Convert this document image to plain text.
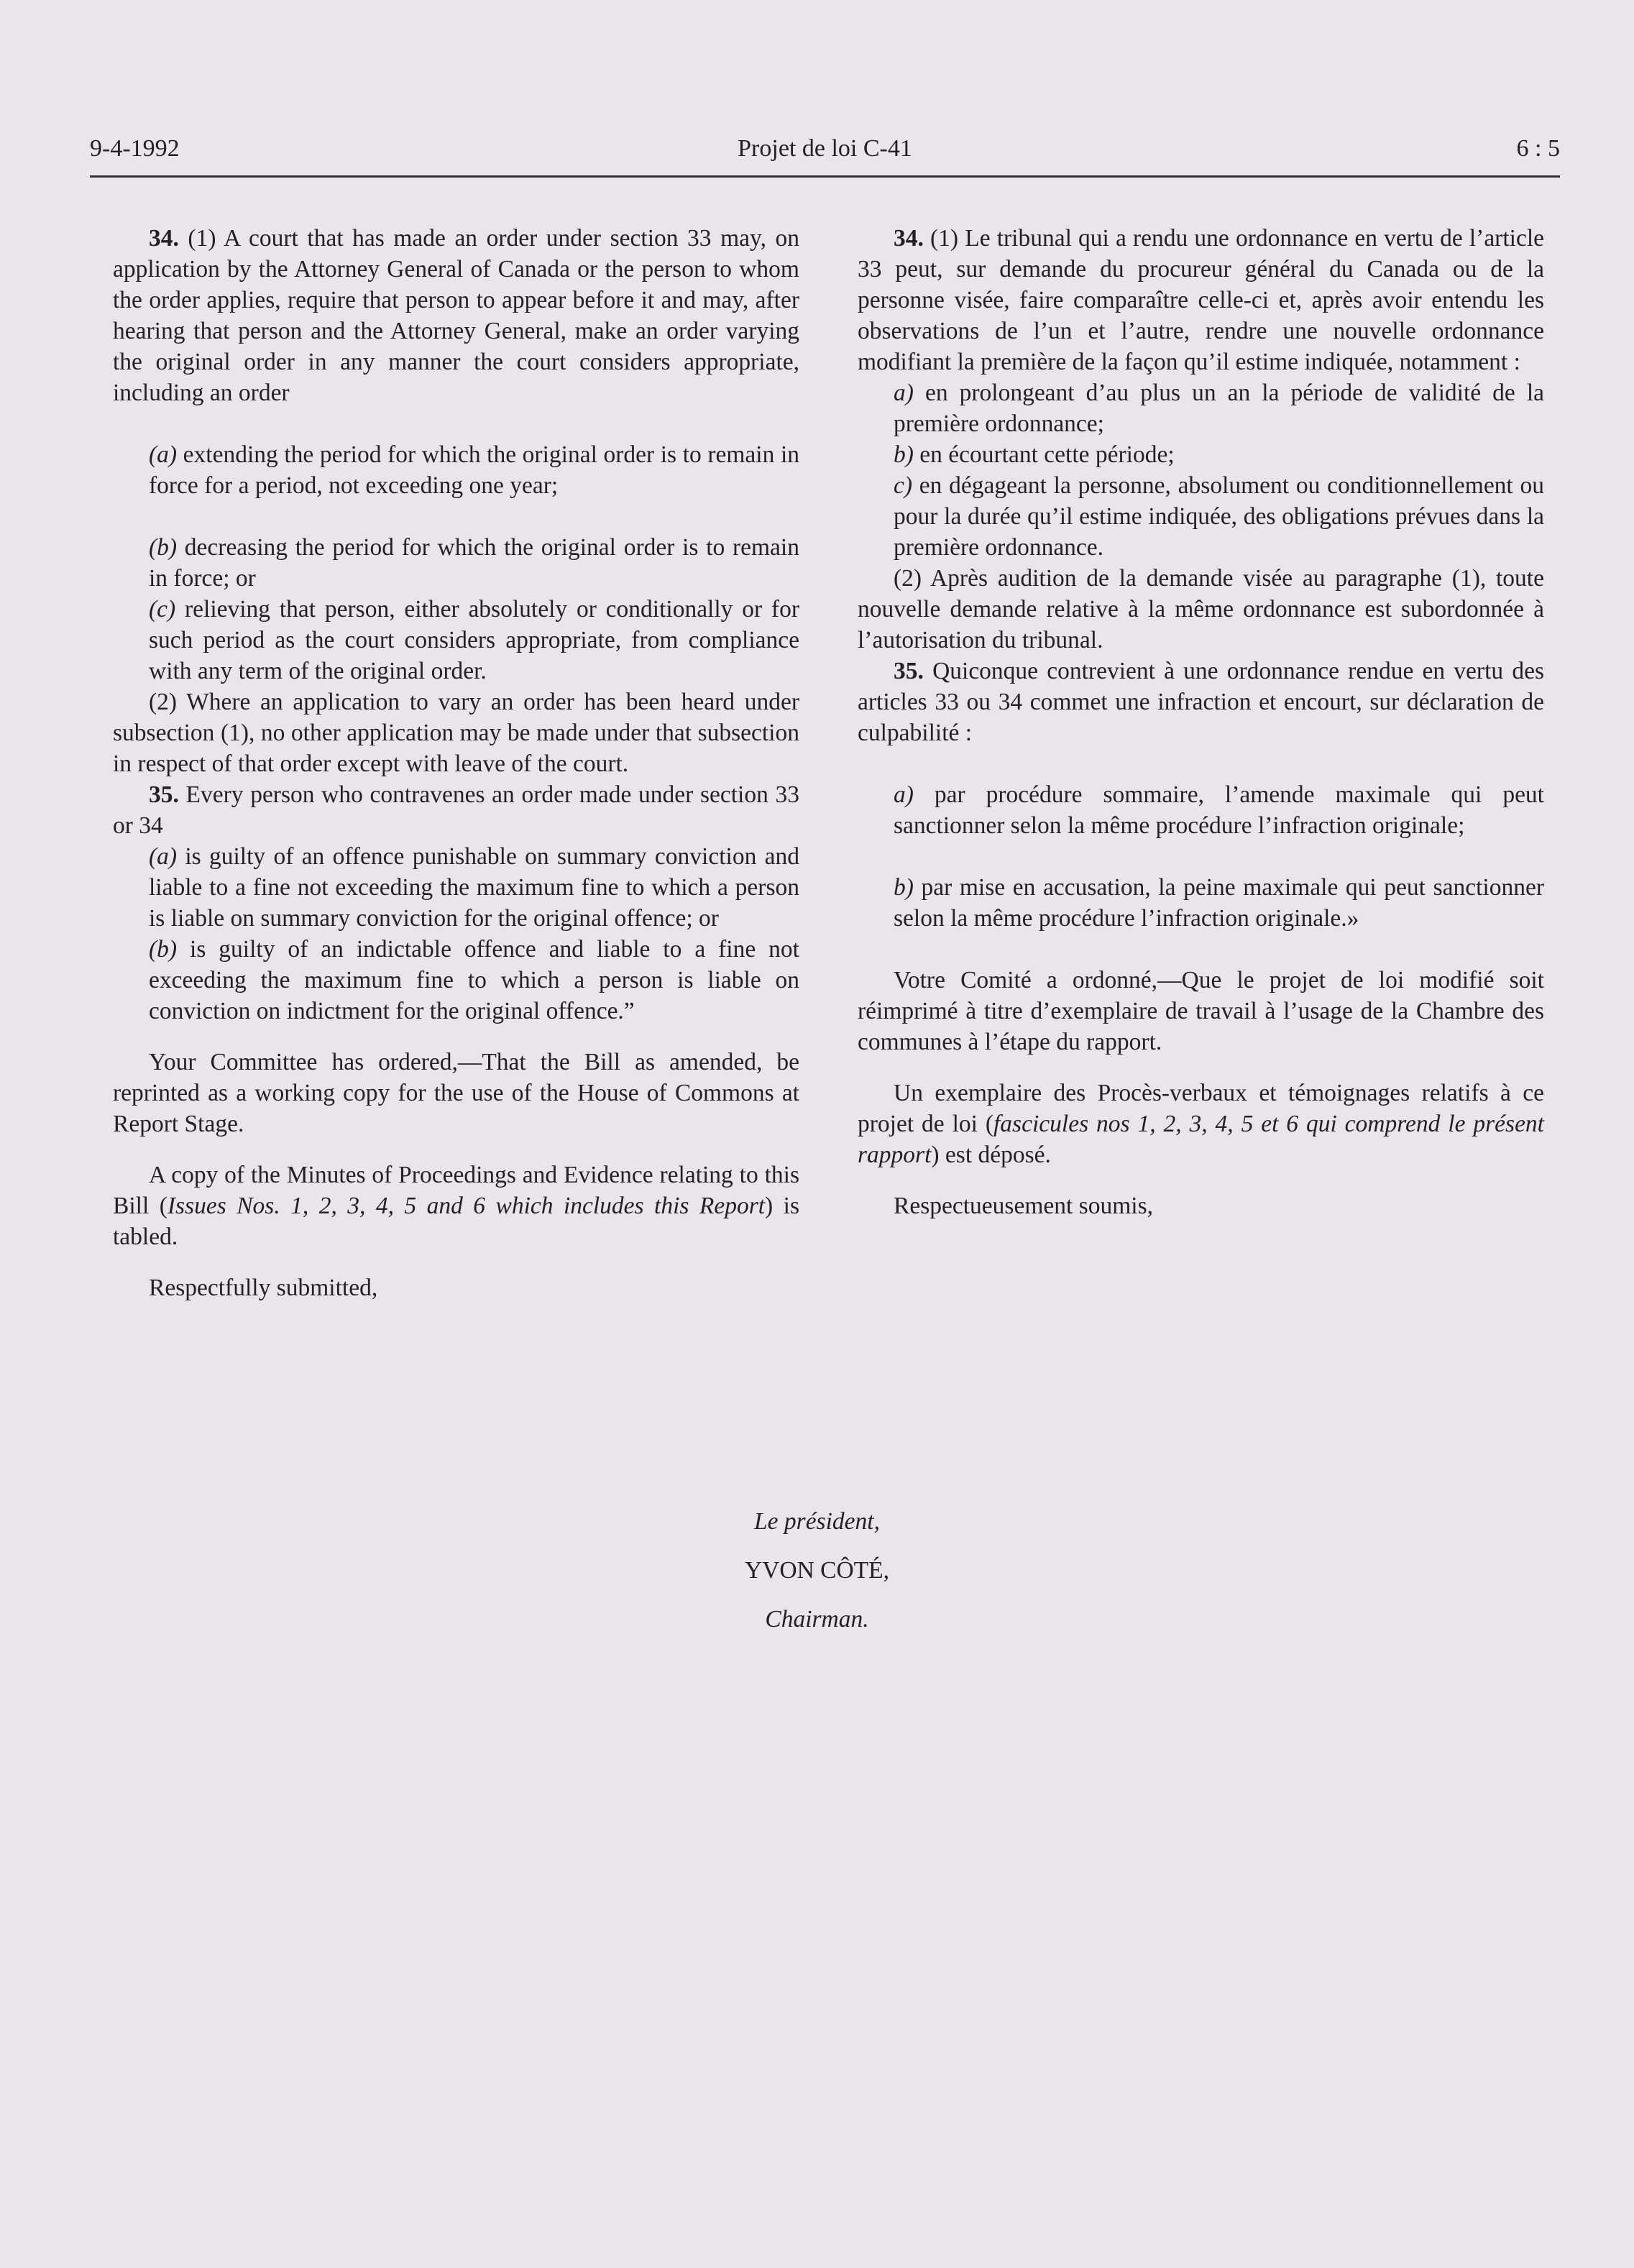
9-4-1992	Projet de loi C-41	6 : 5

34. (1) A court that has made an order under section 33 may, on application by the Attorney General of Canada or the person to whom the order applies, require that person to appear before it and may, after hearing that person and the Attorney General, make an order varying the original order in any manner the court considers appropriate, including an order

(a) extending the period for which the original order is to remain in force for a period, not exceeding one year;

(b) decreasing the period for which the original order is to remain in force; or

(c) relieving that person, either absolutely or conditionally or for such period as the court considers appropriate, from compliance with any term of the original order.

(2) Where an application to vary an order has been heard under subsection (1), no other application may be made under that subsection in respect of that order except with leave of the court.

35. Every person who contravenes an order made under section 33 or 34

(a) is guilty of an offence punishable on summary conviction and liable to a fine not exceeding the maximum fine to which a person is liable on summary conviction for the original offence; or

(b) is guilty of an indictable offence and liable to a fine not exceeding the maximum fine to which a person is liable on conviction on indictment for the original offence.”

Your Committee has ordered,—That the Bill as amended, be reprinted as a working copy for the use of the House of Commons at Report Stage.

A copy of the Minutes of Proceedings and Evidence relating to this Bill (Issues Nos. 1, 2, 3, 4, 5 and 6 which includes this Report) is tabled.

Respectfully submitted,

34. (1) Le tribunal qui a rendu une ordonnance en vertu de l’article 33 peut, sur demande du procureur général du Canada ou de la personne visée, faire comparaître celle-ci et, après avoir entendu les observations de l’un et l’autre, rendre une nouvelle ordonnance modifiant la première de la façon qu’il estime indiquée, notamment :

a) en prolongeant d’au plus un an la période de validité de la première ordonnance;

b) en écourtant cette période;

c) en dégageant la personne, absolument ou conditionnellement ou pour la durée qu’il estime indiquée, des obligations prévues dans la première ordonnance.

(2) Après audition de la demande visée au paragraphe (1), toute nouvelle demande relative à la même ordonnance est subordonnée à l’autorisation du tribunal.

35. Quiconque contrevient à une ordonnance rendue en vertu des articles 33 ou 34 commet une infraction et encourt, sur déclaration de culpabilité :

a) par procédure sommaire, l’amende maximale qui peut sanctionner selon la même procédure l’infraction originale;

b) par mise en accusation, la peine maximale qui peut sanctionner selon la même procédure l’infraction originale.»

Votre Comité a ordonné,—Que le projet de loi modifié soit réimprimé à titre d’exemplaire de travail à l’usage de la Chambre des communes à l’étape du rapport.

Un exemplaire des Procès-verbaux et témoignages relatifs à ce projet de loi (fascicules nos 1, 2, 3, 4, 5 et 6 qui comprend le présent rapport) est déposé.

Respectueusement soumis,

Le président,

YVON CÔTÉ,

Chairman.
